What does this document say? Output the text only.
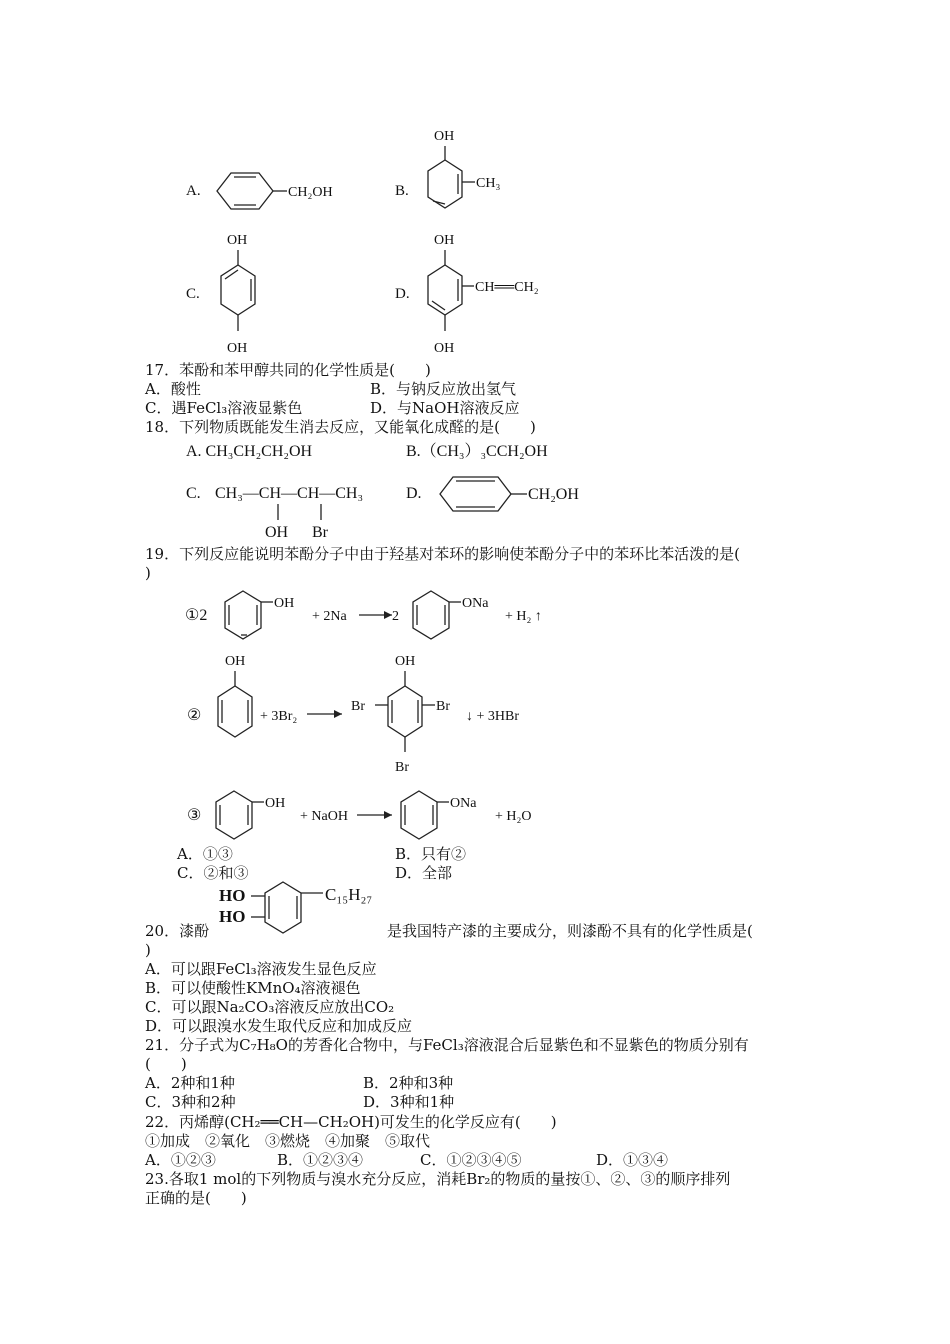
A.	CH₂OH	B.
OH
CH₃
C.
OH
OH
D.
OH
CH══CH₂
OH
17．苯酚和苯甲醇共同的化学性质是(　　)
A．酸性	B．与钠反应放出氢气
C．遇FeCl₃溶液显紫色	D．与NaOH溶液反应
18．下列物质既能发生消去反应，又能氧化成醛的是(　　)
A. CH₃CH₂CH₂OH	B.（CH₃）₃CCH₂OH
C. CH₃—CH—CH—CH₃
OH Br
D.	CH₂OH
19．下列反应能说明苯酚分子中由于羟基对苯环的影响使苯酚分子中的苯环比苯活泼的是(
)
①2
OH
+ 2Na	2
ONa
+ H₂ ↑
②
OH
+ 3Br₂
OH
Br	Br
Br
↓ + 3HBr
③
OH
+ NaOH
ONa
+ H₂O
A．①③	B．只有②
C．②和③	D．全部
HO
HO
C₁₅H₂₇
20．漆酚	是我国特产漆的主要成分，则漆酚不具有的化学性质是(
)
A．可以跟FeCl₃溶液发生显色反应
B．可以使酸性KMnO₄溶液褪色
C．可以跟Na₂CO₃溶液反应放出CO₂
D．可以跟溴水发生取代反应和加成反应
21．分子式为C₇H₈O的芳香化合物中，与FeCl₃溶液混合后显紫色和不显紫色的物质分别有
(　　)
A．2种和1种	B．2种和3种
C．3种和2种	D．3种和1种
22．丙烯醇(CH₂══CH—CH₂OH)可发生的化学反应有(　　)
①加成　②氧化　③燃烧　④加聚　⑤取代
A．①②③	B．①②③④	C．①②③④⑤	D．①③④
23.各取1 mol的下列物质与溴水充分反应，消耗Br₂的物质的量按①、②、③的顺序排列
正确的是(　　)
